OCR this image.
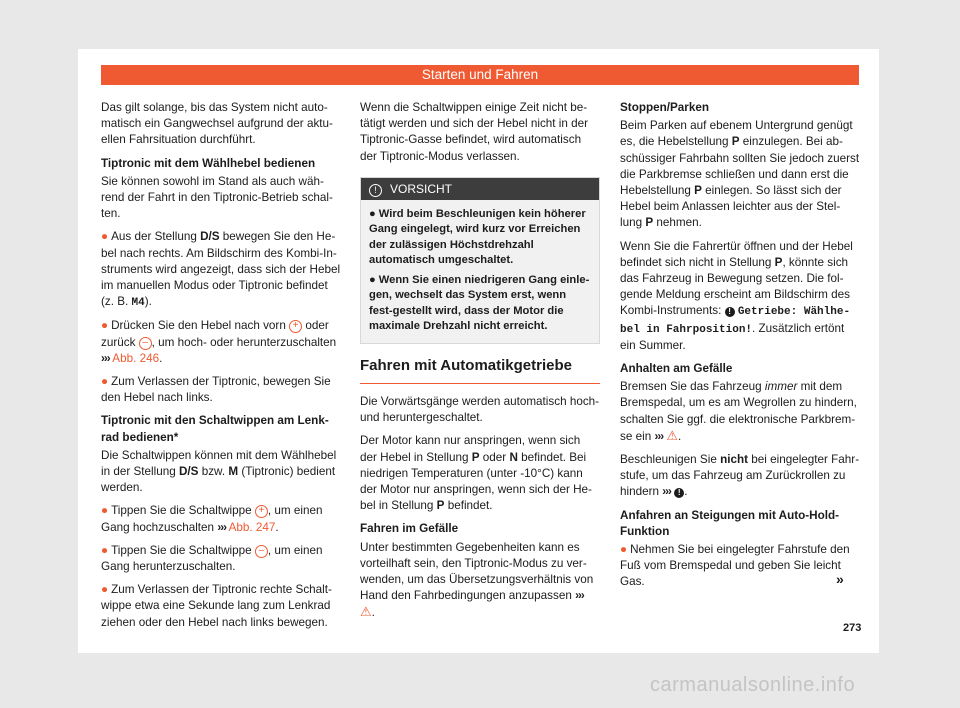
Starten und Fahren

Das gilt solange, bis das System nicht auto-matisch ein Gangwechsel aufgrund der aktu-ellen Fahrsituation durchführt.

Tiptronic mit dem Wählhebel bedienen

Sie können sowohl im Stand als auch wäh-rend der Fahrt in den Tiptronic-Betrieb schal-ten.

● Aus der Stellung D/S bewegen Sie den He-bel nach rechts. Am Bildschirm des Kombi-In-struments wird angezeigt, dass sich der Hebel im manuellen Modus oder Tiptronic befindet (z. B. M4).

● Drücken Sie den Hebel nach vorn + oder zurück – , um hoch- oder herunterzuschalten ››› Abb. 246.

● Zum Verlassen der Tiptronic, bewegen Sie den Hebel nach links.

Tiptronic mit den Schaltwippen am Lenk-rad bedienen*

Die Schaltwippen können mit dem Wählhebel in der Stellung D/S bzw. M (Tiptronic) bedient werden.

● Tippen Sie die Schaltwippe + , um einen Gang hochzuschalten ››› Abb. 247.

● Tippen Sie die Schaltwippe – , um einen Gang herunterzuschalten.

● Zum Verlassen der Tiptronic rechte Schalt-wippe etwa eine Sekunde lang zum Lenkrad ziehen oder den Hebel nach links bewegen.

Wenn die Schaltwippen einige Zeit nicht be-tätigt werden und sich der Hebel nicht in der Tiptronic-Gasse befindet, wird automatisch der Tiptronic-Modus verlassen.

! VORSICHT

● Wird beim Beschleunigen kein höherer Gang eingelegt, wird kurz vor Erreichen der zulässigen Höchstdrehzahl automatisch umgeschaltet.

● Wenn Sie einen niedrigeren Gang einle-gen, wechselt das System erst, wenn fest-gestellt wird, dass der Motor die maximale Drehzahl nicht erreicht.

Fahren mit Automatikgetriebe

Die Vorwärtsgänge werden automatisch hoch- und heruntergeschaltet.

Der Motor kann nur anspringen, wenn sich der Hebel in Stellung P oder N befindet. Bei niedrigen Temperaturen (unter -10°C) kann der Motor nur anspringen, wenn sich der He-bel in Stellung P befindet.

Fahren im Gefälle

Unter bestimmten Gegebenheiten kann es vorteilhaft sein, den Tiptronic-Modus zu ver-wenden, um das Übersetzungsverhältnis von Hand den Fahrbedingungen anzupassen ››› ⚠.

Stoppen/Parken

Beim Parken auf ebenem Untergrund genügt es, die Hebelstellung P einzulegen. Bei ab-schüssiger Fahrbahn sollten Sie jedoch zuerst die Parkbremse schließen und dann erst die Hebelstellung P einlegen. So lässt sich der Hebel beim Anlassen leichter aus der Stel-lung P nehmen.

Wenn Sie die Fahrertür öffnen und der Hebel befindet sich nicht in Stellung P, könnte sich das Fahrzeug in Bewegung setzen. Die fol-gende Meldung erscheint am Bildschirm des Kombi-Instruments: ! Getriebe: Wählhe-bel in Fahrposition!. Zusätzlich ertönt ein Summer.

Anhalten am Gefälle

Bremsen Sie das Fahrzeug immer mit dem Bremspedal, um es am Wegrollen zu hindern, schalten Sie ggf. die elektronische Parkbrem-se ein ››› ⚠.

Beschleunigen Sie nicht bei eingelegter Fahr-stufe, um das Fahrzeug am Zurückrollen zu hindern ››› ! .

Anfahren an Steigungen mit Auto-Hold-Funktion

● Nehmen Sie bei eingelegter Fahrstufe den Fuß vom Bremspedal und geben Sie leicht Gas.	»
273
carmanualsonline.info
